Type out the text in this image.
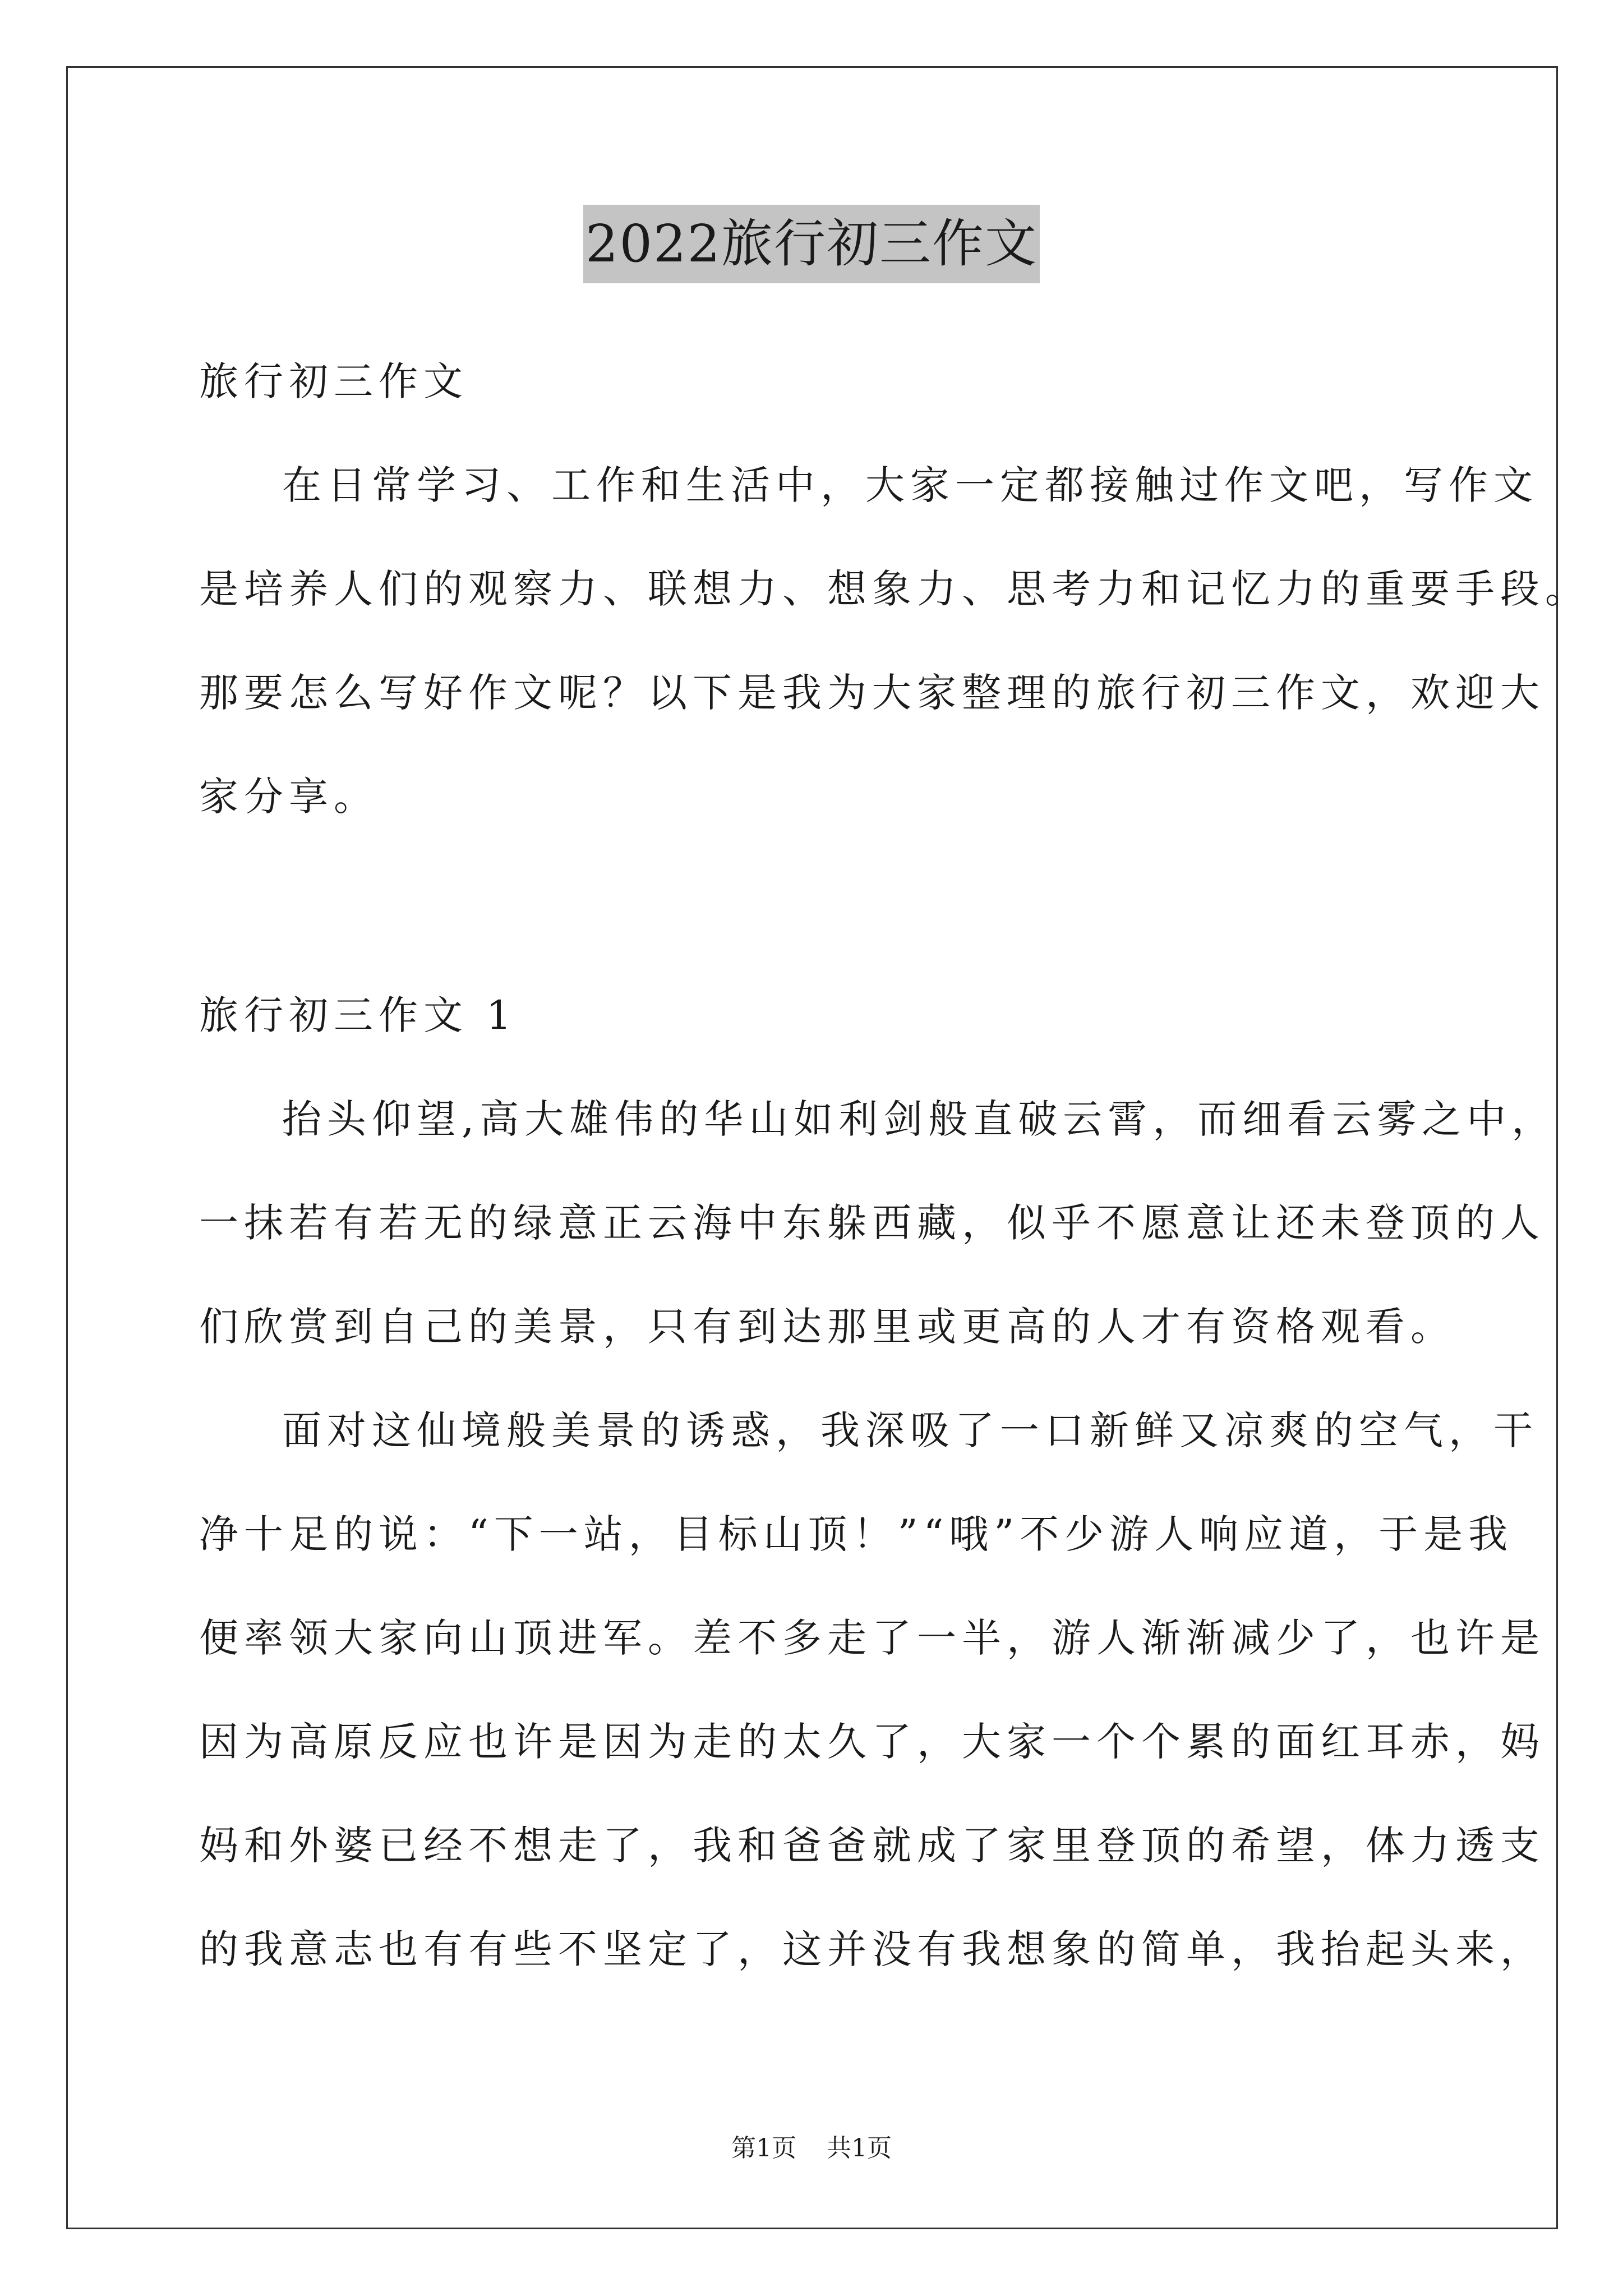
2022旅行初三作文
旅行初三作文
在日常学习、工作和生活中，大家一定都接触过作文吧，写作文
是培养人们的观察力、联想力、想象力、思考力和记忆力的重要手段。
那要怎么写好作文呢？以下是我为大家整理的旅行初三作文，欢迎大
家分享。
旅行初三作文 1
抬头仰望,高大雄伟的华山如利剑般直破云霄，而细看云雾之中，
一抹若有若无的绿意正云海中东躲西藏，似乎不愿意让还未登顶的人
们欣赏到自己的美景，只有到达那里或更高的人才有资格观看。
面对这仙境般美景的诱惑，我深吸了一口新鲜又凉爽的空气，干
净十足的说：“下一站，目标山顶！”“哦”不少游人响应道，于是我
便率领大家向山顶进军。差不多走了一半，游人渐渐减少了，也许是
因为高原反应也许是因为走的太久了，大家一个个累的面红耳赤，妈
妈和外婆已经不想走了，我和爸爸就成了家里登顶的希望，体力透支
的我意志也有有些不坚定了，这并没有我想象的简单，我抬起头来，
第1页 共1页
